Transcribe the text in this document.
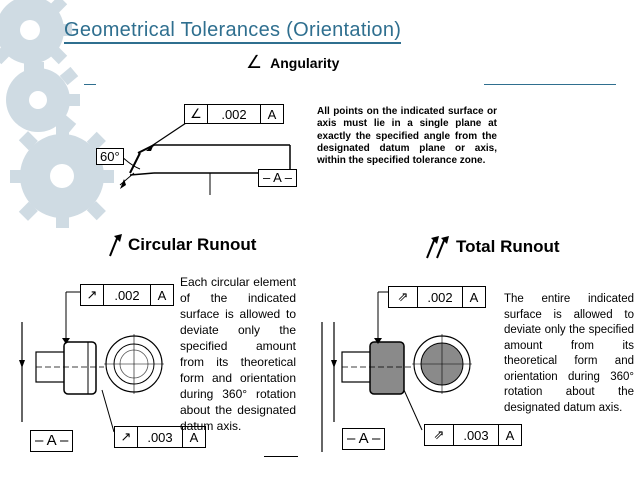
Geometrical Tolerances (Orientation)
∠ Angularity
∠	.002	A
60°
– A –

All points on the indicated surface or axis must lie in a single plane at exactly the specified angle from the designated datum plane or axis, within the specified tolerance zone.

Circular Runout
↗	.002	A
↗	.003	A
– A –

Each circular element of the indicated surface is allowed to deviate only the specified amount from its theoretical form and orientation during 360° rotation about the designated datum axis.

Total Runout
⇗	.002	A
⇗	.003	A
– A –

The entire indicated surface is allowed to deviate only the specified amount from its theoretical form and orientation during 360° rotation about the designated datum axis.
